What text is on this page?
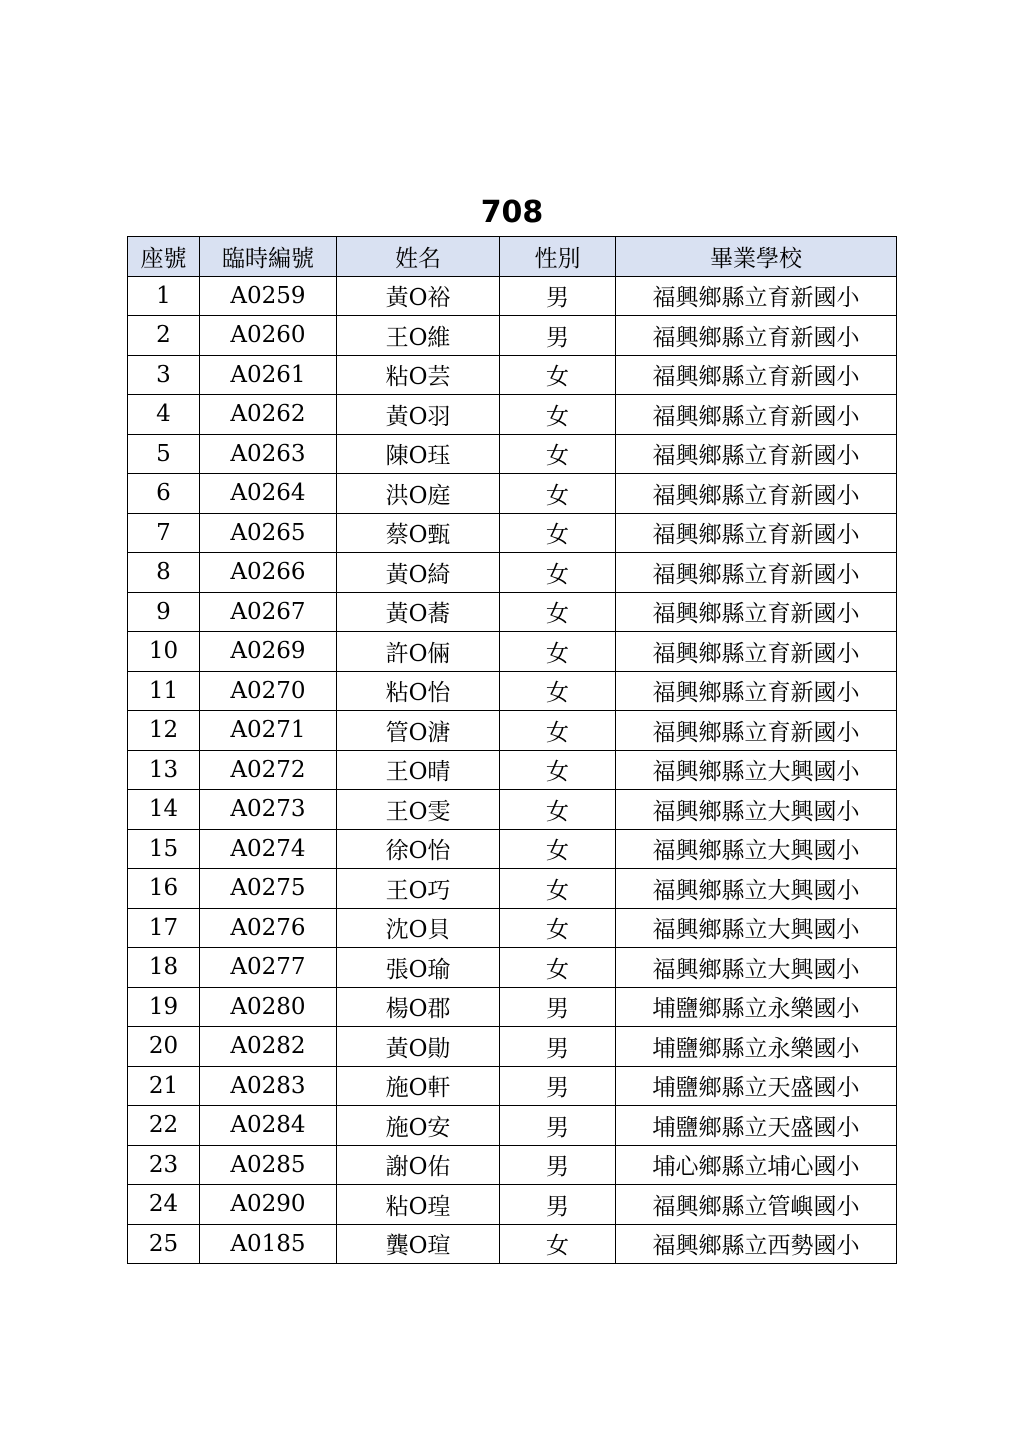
708
座號	臨時編號	姓名	性別	畢業學校
1	A0259	黃O裕	男	福興鄉縣立育新國小
2	A0260	王O維	男	福興鄉縣立育新國小
3	A0261	粘O芸	女	福興鄉縣立育新國小
4	A0262	黃O羽	女	福興鄉縣立育新國小
5	A0263	陳O珏	女	福興鄉縣立育新國小
6	A0264	洪O庭	女	福興鄉縣立育新國小
7	A0265	蔡O甄	女	福興鄉縣立育新國小
8	A0266	黃O綺	女	福興鄉縣立育新國小
9	A0267	黃O蕎	女	福興鄉縣立育新國小
10	A0269	許O倆	女	福興鄉縣立育新國小
11	A0270	粘O怡	女	福興鄉縣立育新國小
12	A0271	管O溏	女	福興鄉縣立育新國小
13	A0272	王O晴	女	福興鄉縣立大興國小
14	A0273	王O雯	女	福興鄉縣立大興國小
15	A0274	徐O怡	女	福興鄉縣立大興國小
16	A0275	王O巧	女	福興鄉縣立大興國小
17	A0276	沈O貝	女	福興鄉縣立大興國小
18	A0277	張O瑜	女	福興鄉縣立大興國小
19	A0280	楊O郡	男	埔鹽鄉縣立永樂國小
20	A0282	黃O勛	男	埔鹽鄉縣立永樂國小
21	A0283	施O軒	男	埔鹽鄉縣立天盛國小
22	A0284	施O安	男	埔鹽鄉縣立天盛國小
23	A0285	謝O佑	男	埔心鄉縣立埔心國小
24	A0290	粘O瑝	男	福興鄉縣立管嶼國小
25	A0185	龔O瑄	女	福興鄉縣立西勢國小
